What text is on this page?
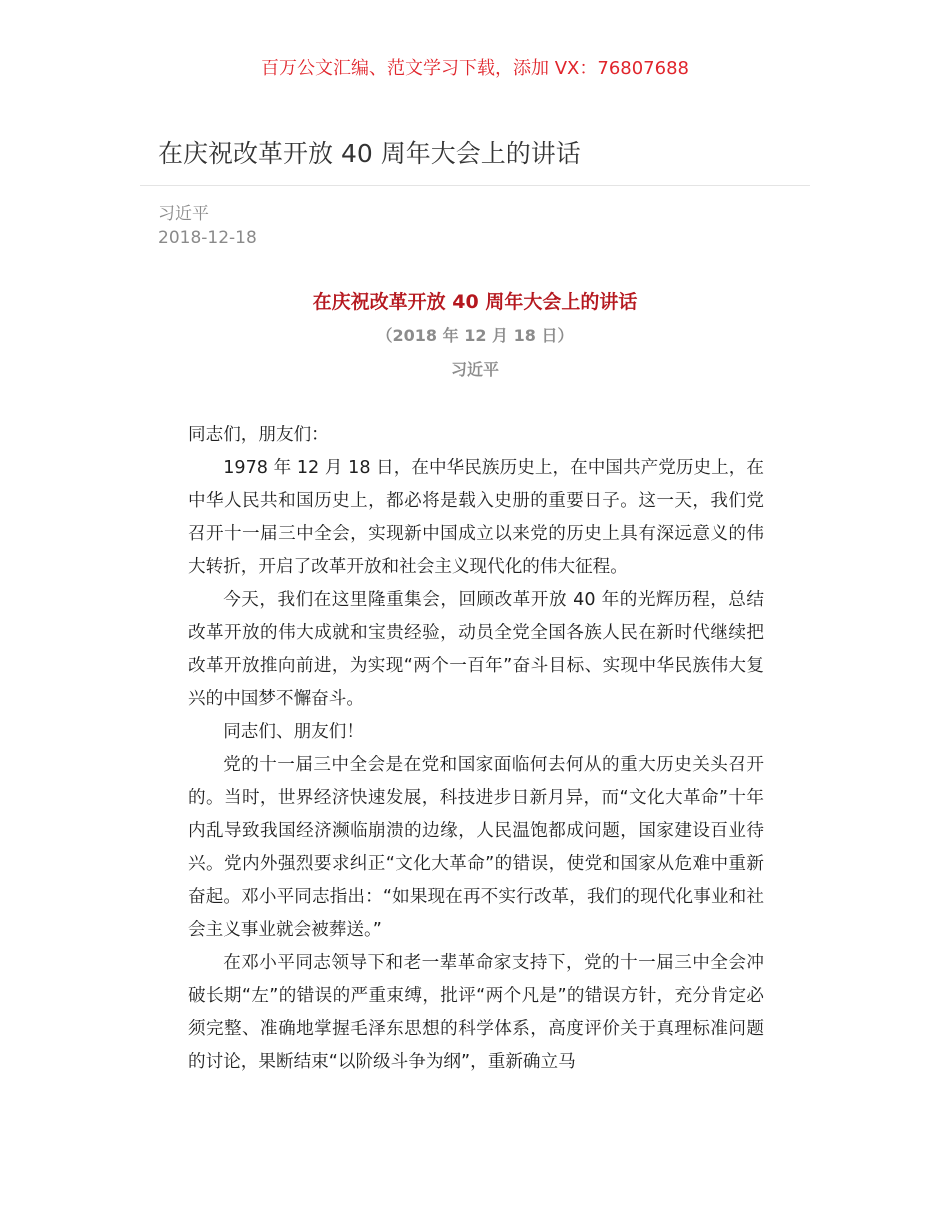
百万公文汇编、范文学习下载，添加 VX：76807688
在庆祝改革开放 40 周年大会上的讲话
习近平
2018-12-18
在庆祝改革开放 40 周年大会上的讲话
（2018 年 12 月 18 日）
习近平

同志们，朋友们：

1978 年 12 月 18 日，在中华民族历史上，在中国共产党历史上，在中华人民共和国历史上，都必将是载入史册的重要日子。这一天，我们党召开十一届三中全会，实现新中国成立以来党的历史上具有深远意义的伟大转折，开启了改革开放和社会主义现代化的伟大征程。

今天，我们在这里隆重集会，回顾改革开放 40 年的光辉历程，总结改革开放的伟大成就和宝贵经验，动员全党全国各族人民在新时代继续把改革开放推向前进，为实现“两个一百年”奋斗目标、实现中华民族伟大复兴的中国梦不懈奋斗。

同志们、朋友们！

党的十一届三中全会是在党和国家面临何去何从的重大历史关头召开的。当时，世界经济快速发展，科技进步日新月异，而“文化大革命”十年内乱导致我国经济濒临崩溃的边缘，人民温饱都成问题，国家建设百业待兴。党内外强烈要求纠正“文化大革命”的错误，使党和国家从危难中重新奋起。邓小平同志指出：“如果现在再不实行改革，我们的现代化事业和社会主义事业就会被葬送。”

在邓小平同志领导下和老一辈革命家支持下，党的十一届三中全会冲破长期“左”的错误的严重束缚，批评“两个凡是”的错误方针，充分肯定必须完整、准确地掌握毛泽东思想的科学体系，高度评价关于真理标准问题的讨论，果断结束“以阶级斗争为纲”，重新确立马
